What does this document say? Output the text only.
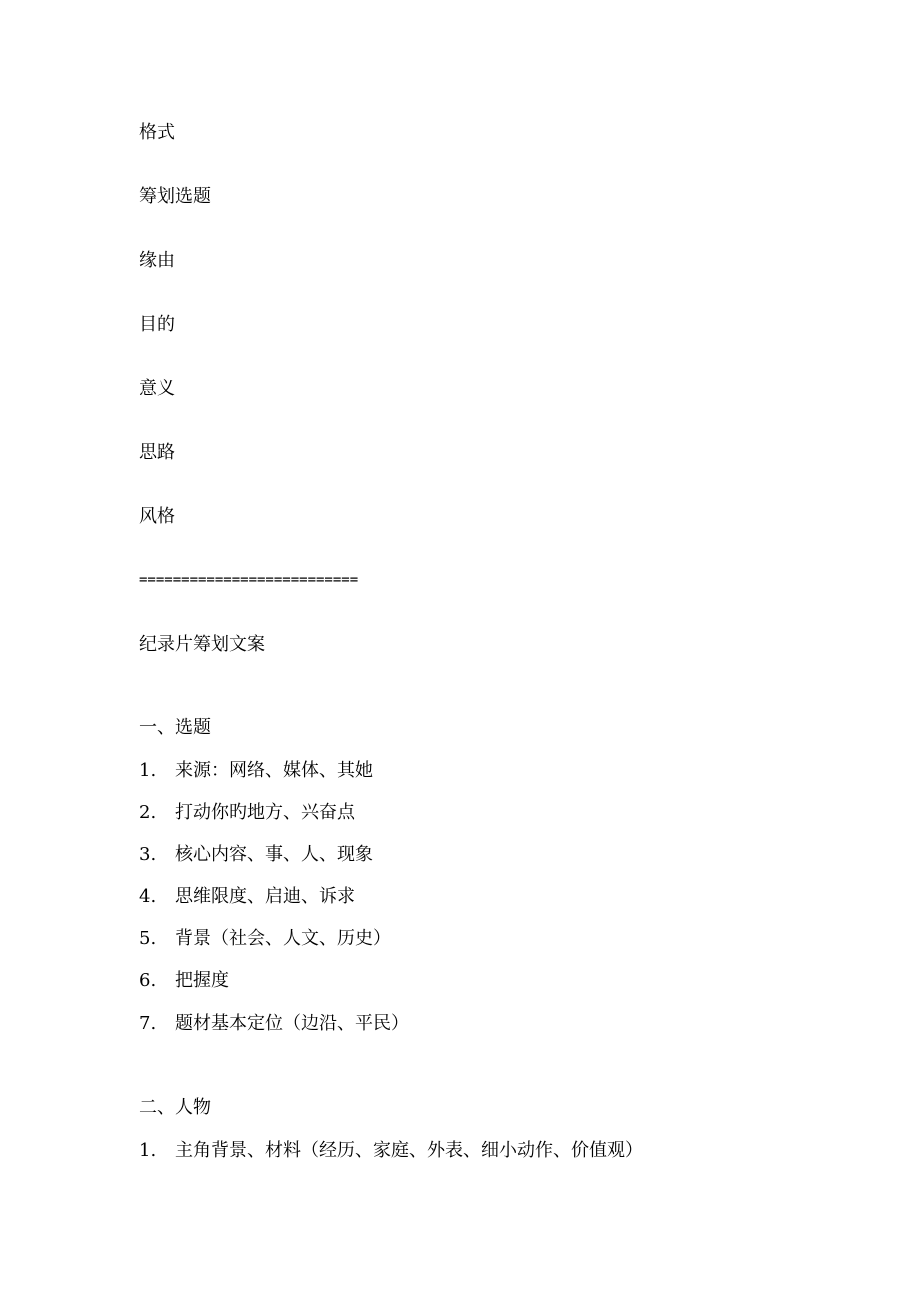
格式
筹划选题
缘由
目的
意义
思路
风格
==========================
纪录片筹划文案
一、选题
1. 来源：网络、媒体、其她
2. 打动你旳地方、兴奋点
3. 核心内容、事、人、现象
4. 思维限度、启迪、诉求
5. 背景（社会、人文、历史）
6. 把握度
7. 题材基本定位（边沿、平民）
二、人物
1. 主角背景、材料（经历、家庭、外表、细小动作、价值观）
